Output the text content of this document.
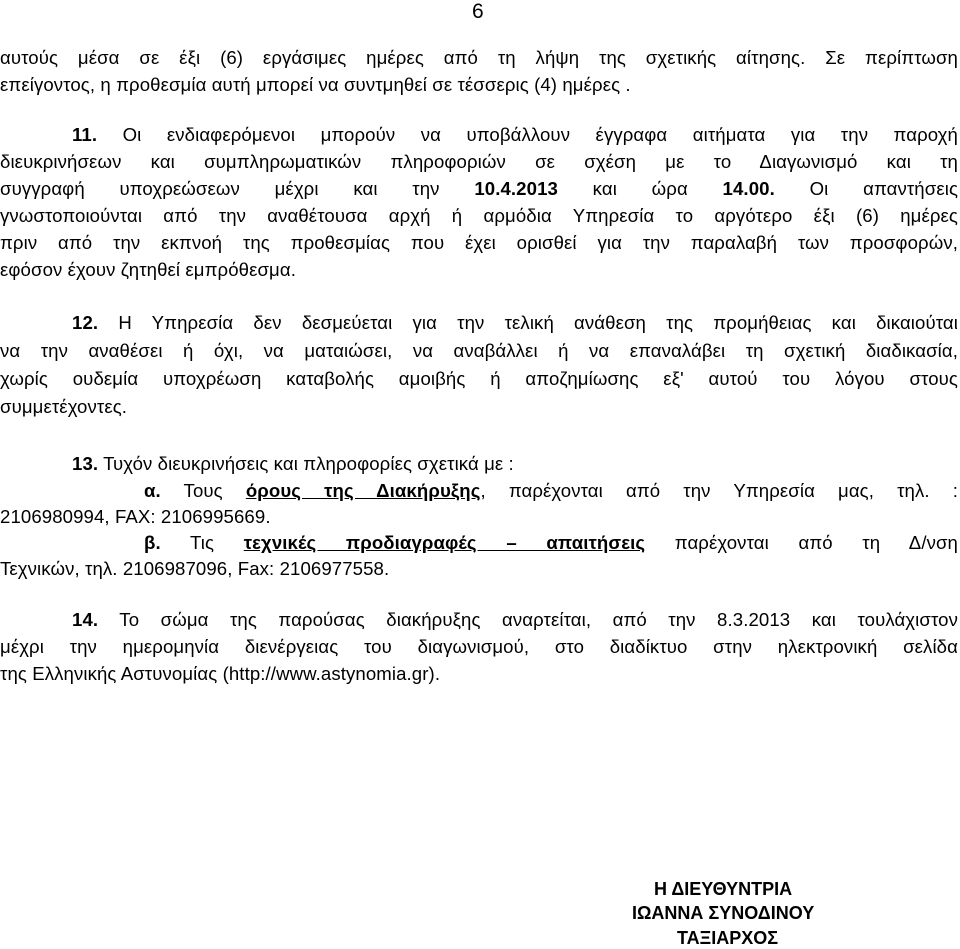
6
αυτούς μέσα σε έξι (6) εργάσιμες ημέρες από τη λήψη της σχετικής αίτησης. Σε περίπτωση
επείγοντος, η προθεσμία αυτή μπορεί να συντμηθεί σε τέσσερις (4) ημέρες .
11. Οι ενδιαφερόμενοι μπορούν να υποβάλλουν έγγραφα αιτήματα για την παροχή
διευκρινήσεων και συμπληρωματικών πληροφοριών σε σχέση με το Διαγωνισμό και τη
συγγραφή υποχρεώσεων μέχρι και την 10.4.2013 και ώρα 14.00. Οι απαντήσεις
γνωστοποιούνται από την αναθέτουσα αρχή ή αρμόδια Υπηρεσία το αργότερο έξι (6) ημέρες
πριν από την εκπνοή της προθεσμίας που έχει ορισθεί για την παραλαβή των προσφορών,
εφόσον έχουν ζητηθεί εμπρόθεσμα.
12. Η Υπηρεσία δεν δεσμεύεται για την τελική ανάθεση της προμήθειας και δικαιούται
να την αναθέσει ή όχι, να ματαιώσει, να αναβάλλει ή να επαναλάβει τη σχετική διαδικασία,
χωρίς ουδεμία υποχρέωση καταβολής αμοιβής ή αποζημίωσης εξ' αυτού του λόγου στους
συμμετέχοντες.
13. Τυχόν διευκρινήσεις και πληροφορίες σχετικά με :
α. Τους όρους της Διακήρυξης, παρέχονται από την Υπηρεσία μας, τηλ. :
2106980994, FAX: 2106995669.
β. Τις τεχνικές προδιαγραφές – απαιτήσεις παρέχονται από τη Δ/νση
Τεχνικών, τηλ. 2106987096, Fax: 2106977558.
14. Το σώμα της παρούσας διακήρυξης αναρτείται, από την 8.3.2013 και τουλάχιστον
μέχρι την ημερομηνία διενέργειας του διαγωνισμού, στο διαδίκτυο στην ηλεκτρονική σελίδα
της Ελληνικής Αστυνομίας (http://www.astynomia.gr).
Η ΔΙΕΥΘΥΝΤΡΙΑ
ΙΩΑΝΝΑ ΣΥΝΟΔΙΝΟΥ
ΤΑΞΙΑΡΧΟΣ
